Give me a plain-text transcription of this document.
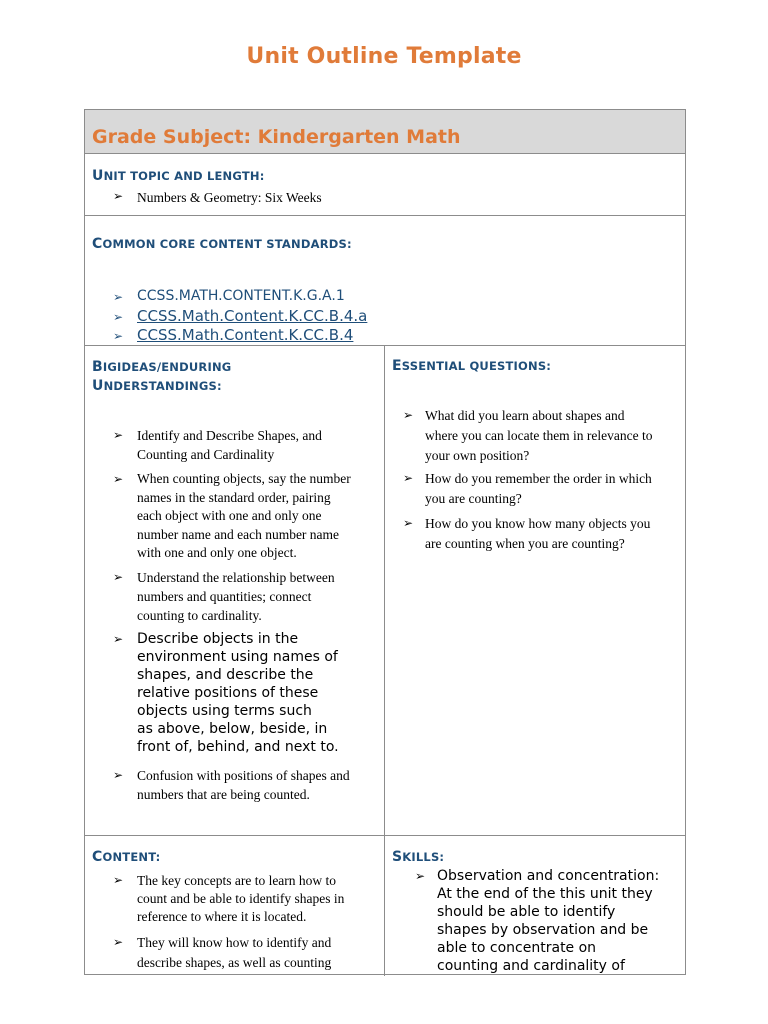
Unit Outline Template
Grade Subject: Kindergarten Math
UNIT TOPIC AND LENGTH:
➢ Numbers & Geometry: Six Weeks
COMMON CORE CONTENT STANDARDS:
➢ CCSS.MATH.CONTENT.K.G.A.1
➢ CCSS.Math.Content.K.CC.B.4.a
➢ CCSS.Math.Content.K.CC.B.4
BIGIDEAS/ENDURING
UNDERSTANDINGS:
➢ Identify and Describe Shapes, and
Counting and Cardinality
➢ When counting objects, say the number
names in the standard order, pairing
each object with one and only one
number name and each number name
with one and only one object.
➢ Understand the relationship between
numbers and quantities; connect
counting to cardinality.
➢ Describe objects in the
environment using names of
shapes, and describe the
relative positions of these
objects using terms such
as above, below, beside, in
front of, behind, and next to.
➢ Confusion with positions of shapes and
numbers that are being counted.
ESSENTIAL QUESTIONS:
➢ What did you learn about shapes and
where you can locate them in relevance to
your own position?
➢ How do you remember the order in which
you are counting?
➢ How do you know how many objects you
are counting when you are counting?
CONTENT:
➢ The key concepts are to learn how to
count and be able to identify shapes in
reference to where it is located.
➢ They will know how to identify and
describe shapes, as well as counting
SKILLS:
➢ Observation and concentration:
At the end of the this unit they
should be able to identify
shapes by observation and be
able to concentrate on
counting and cardinality of
